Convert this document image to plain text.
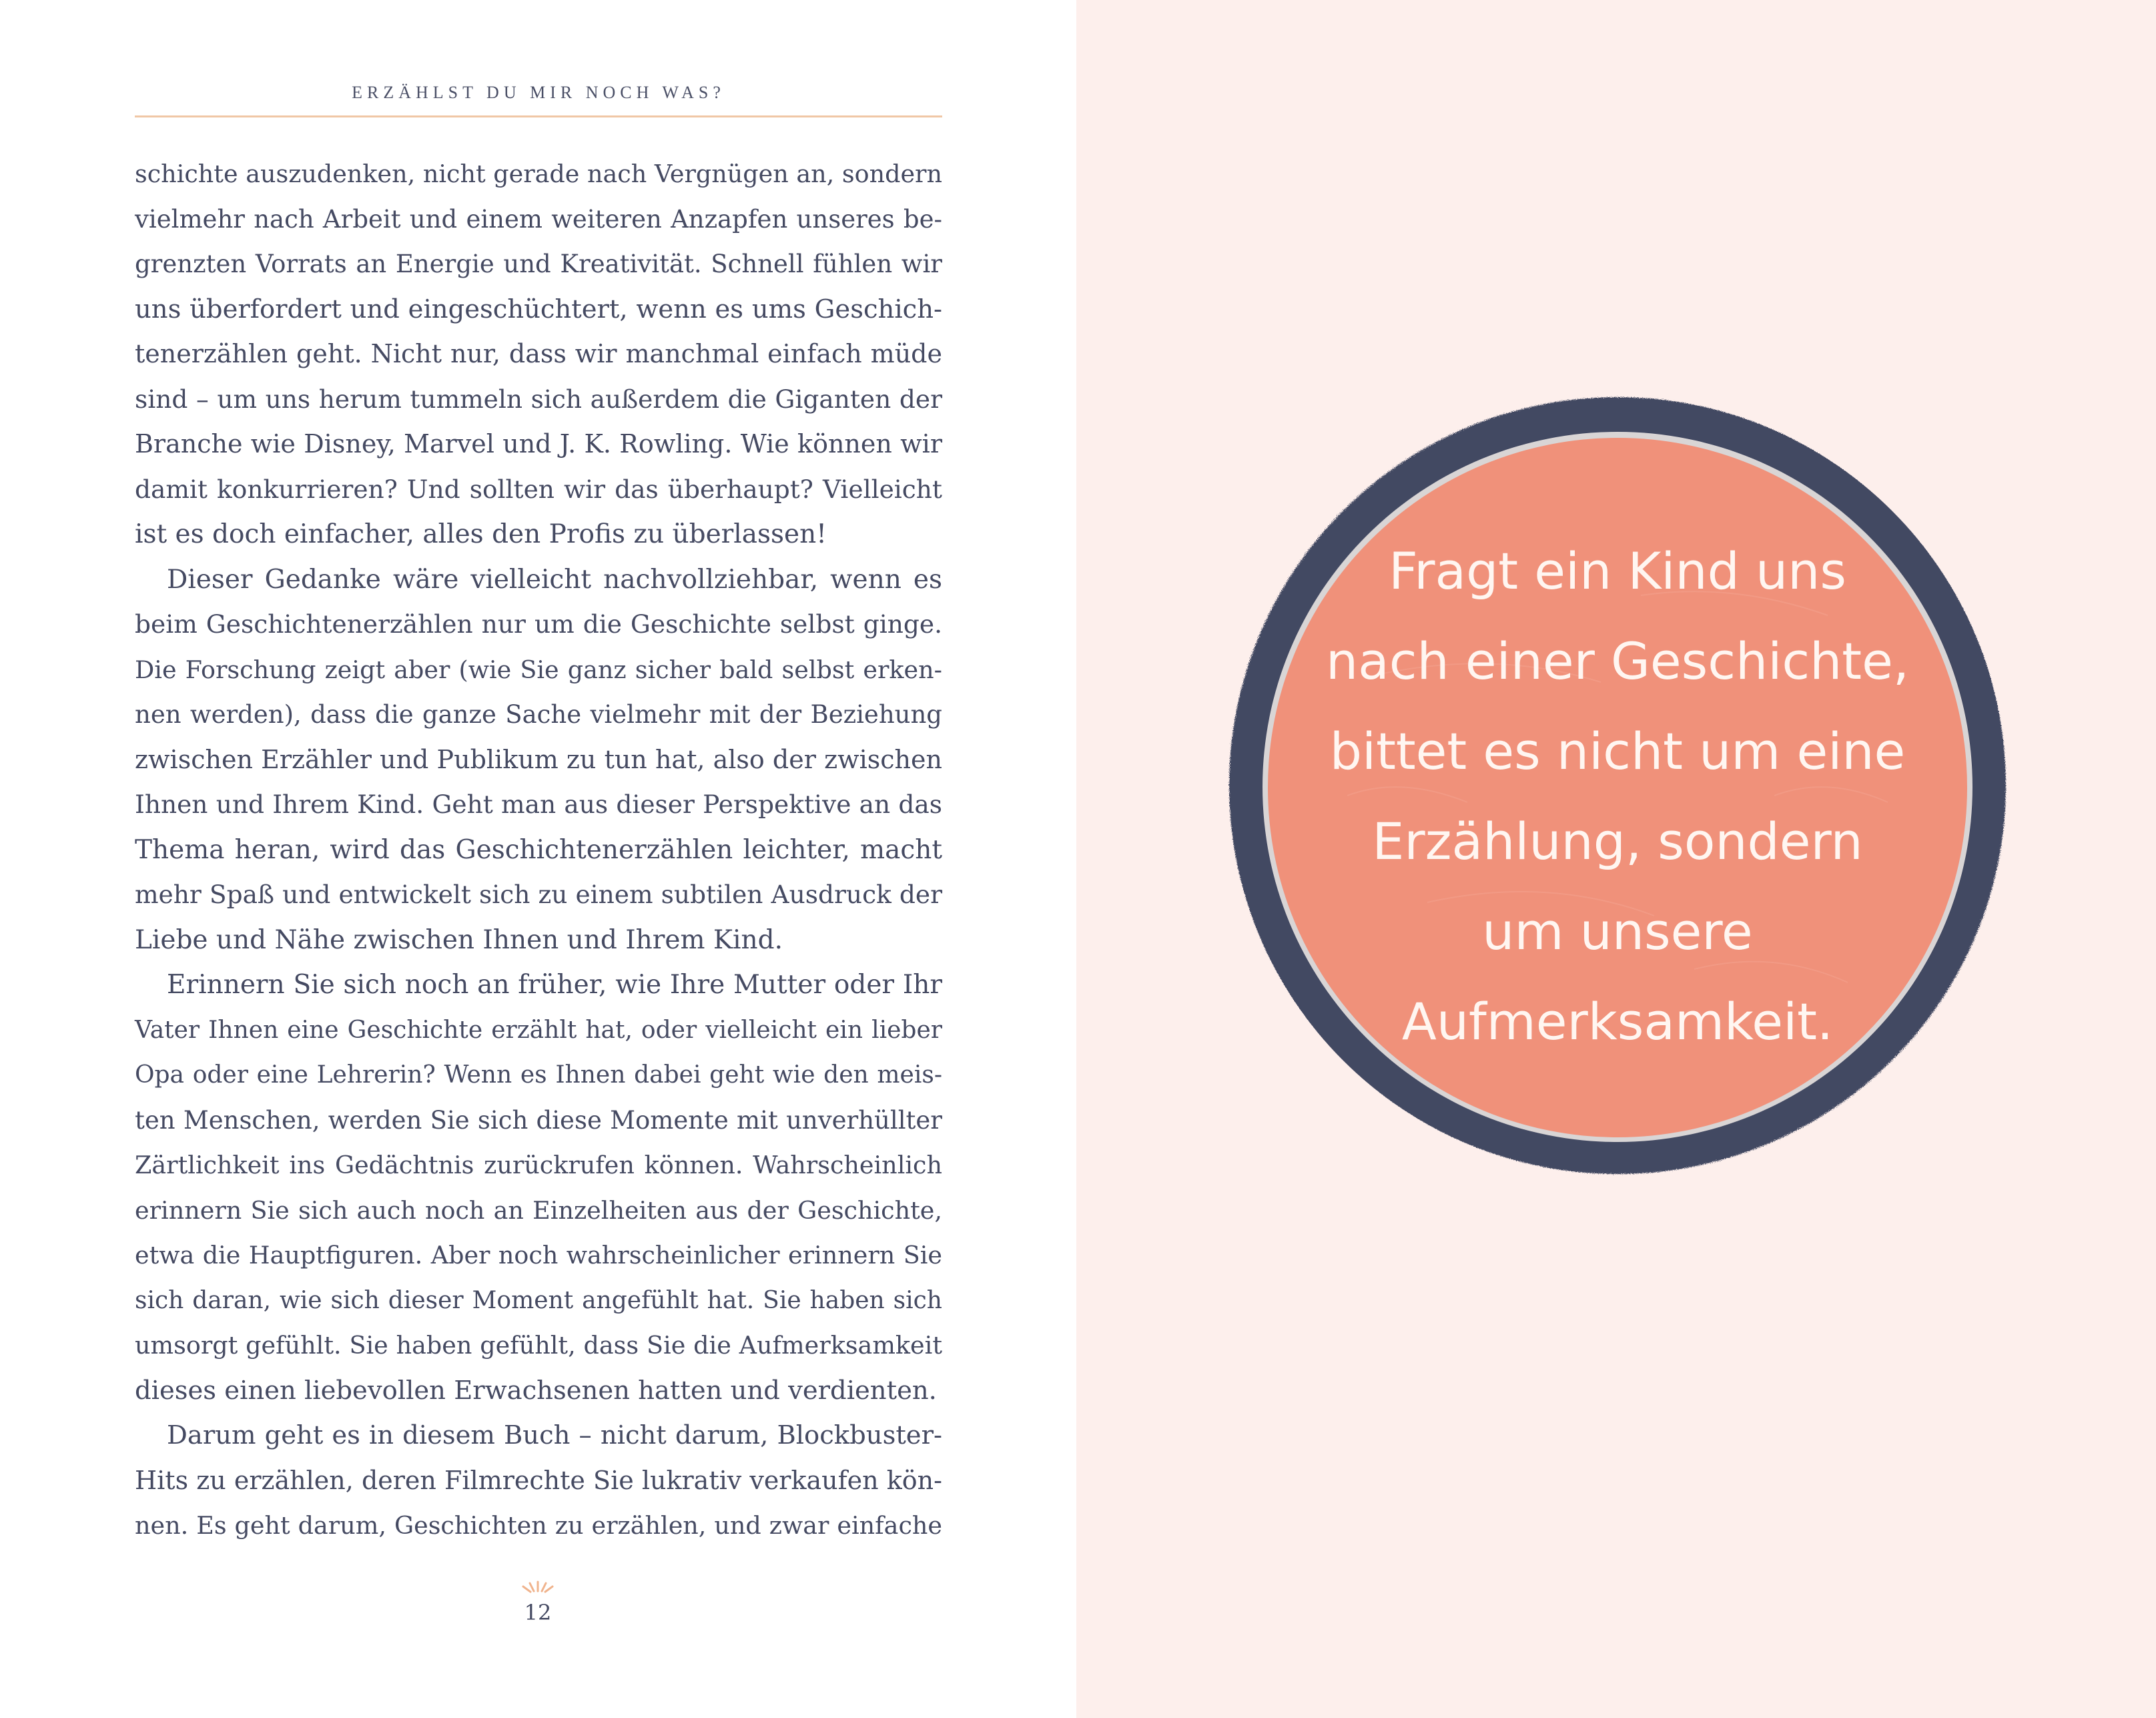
ERZÄHLST DU MIR NOCH WAS?
schichte auszudenken, nicht gerade nach Vergnügen an, sondern
vielmehr nach Arbeit und einem weiteren Anzapfen unseres be-
grenzten Vorrats an Energie und Kreativität. Schnell fühlen wir
uns überfordert und eingeschüchtert, wenn es ums Geschich-
tenerzählen geht. Nicht nur, dass wir manchmal einfach müde
sind – um uns herum tummeln sich außerdem die Giganten der
Branche wie Disney, Marvel und J. K. Rowling. Wie können wir
damit konkurrieren? Und sollten wir das überhaupt? Vielleicht
ist es doch einfacher, alles den Profis zu überlassen!
Dieser Gedanke wäre vielleicht nachvollziehbar, wenn es
beim Geschichtenerzählen nur um die Geschichte selbst ginge.
Die Forschung zeigt aber (wie Sie ganz sicher bald selbst erken-
nen werden), dass die ganze Sache vielmehr mit der Beziehung
zwischen Erzähler und Publikum zu tun hat, also der zwischen
Ihnen und Ihrem Kind. Geht man aus dieser Perspektive an das
Thema heran, wird das Geschichtenerzählen leichter, macht
mehr Spaß und entwickelt sich zu einem subtilen Ausdruck der
Liebe und Nähe zwischen Ihnen und Ihrem Kind.
Erinnern Sie sich noch an früher, wie Ihre Mutter oder Ihr
Vater Ihnen eine Geschichte erzählt hat, oder vielleicht ein lieber
Opa oder eine Lehrerin? Wenn es Ihnen dabei geht wie den meis-
ten Menschen, werden Sie sich diese Momente mit unverhüllter
Zärtlichkeit ins Gedächtnis zurückrufen können. Wahrscheinlich
erinnern Sie sich auch noch an Einzelheiten aus der Geschichte,
etwa die Hauptfiguren. Aber noch wahrscheinlicher erinnern Sie
sich daran, wie sich dieser Moment angefühlt hat. Sie haben sich
umsorgt gefühlt. Sie haben gefühlt, dass Sie die Aufmerksamkeit
dieses einen liebevollen Erwachsenen hatten und verdienten.
Darum geht es in diesem Buch – nicht darum, Blockbuster-
Hits zu erzählen, deren Filmrechte Sie lukrativ verkaufen kön-
nen. Es geht darum, Geschichten zu erzählen, und zwar einfache
12
Fragt ein Kind uns
nach einer Geschichte,
bittet es nicht um eine
Erzählung, sondern
um unsere
Aufmerksamkeit.
